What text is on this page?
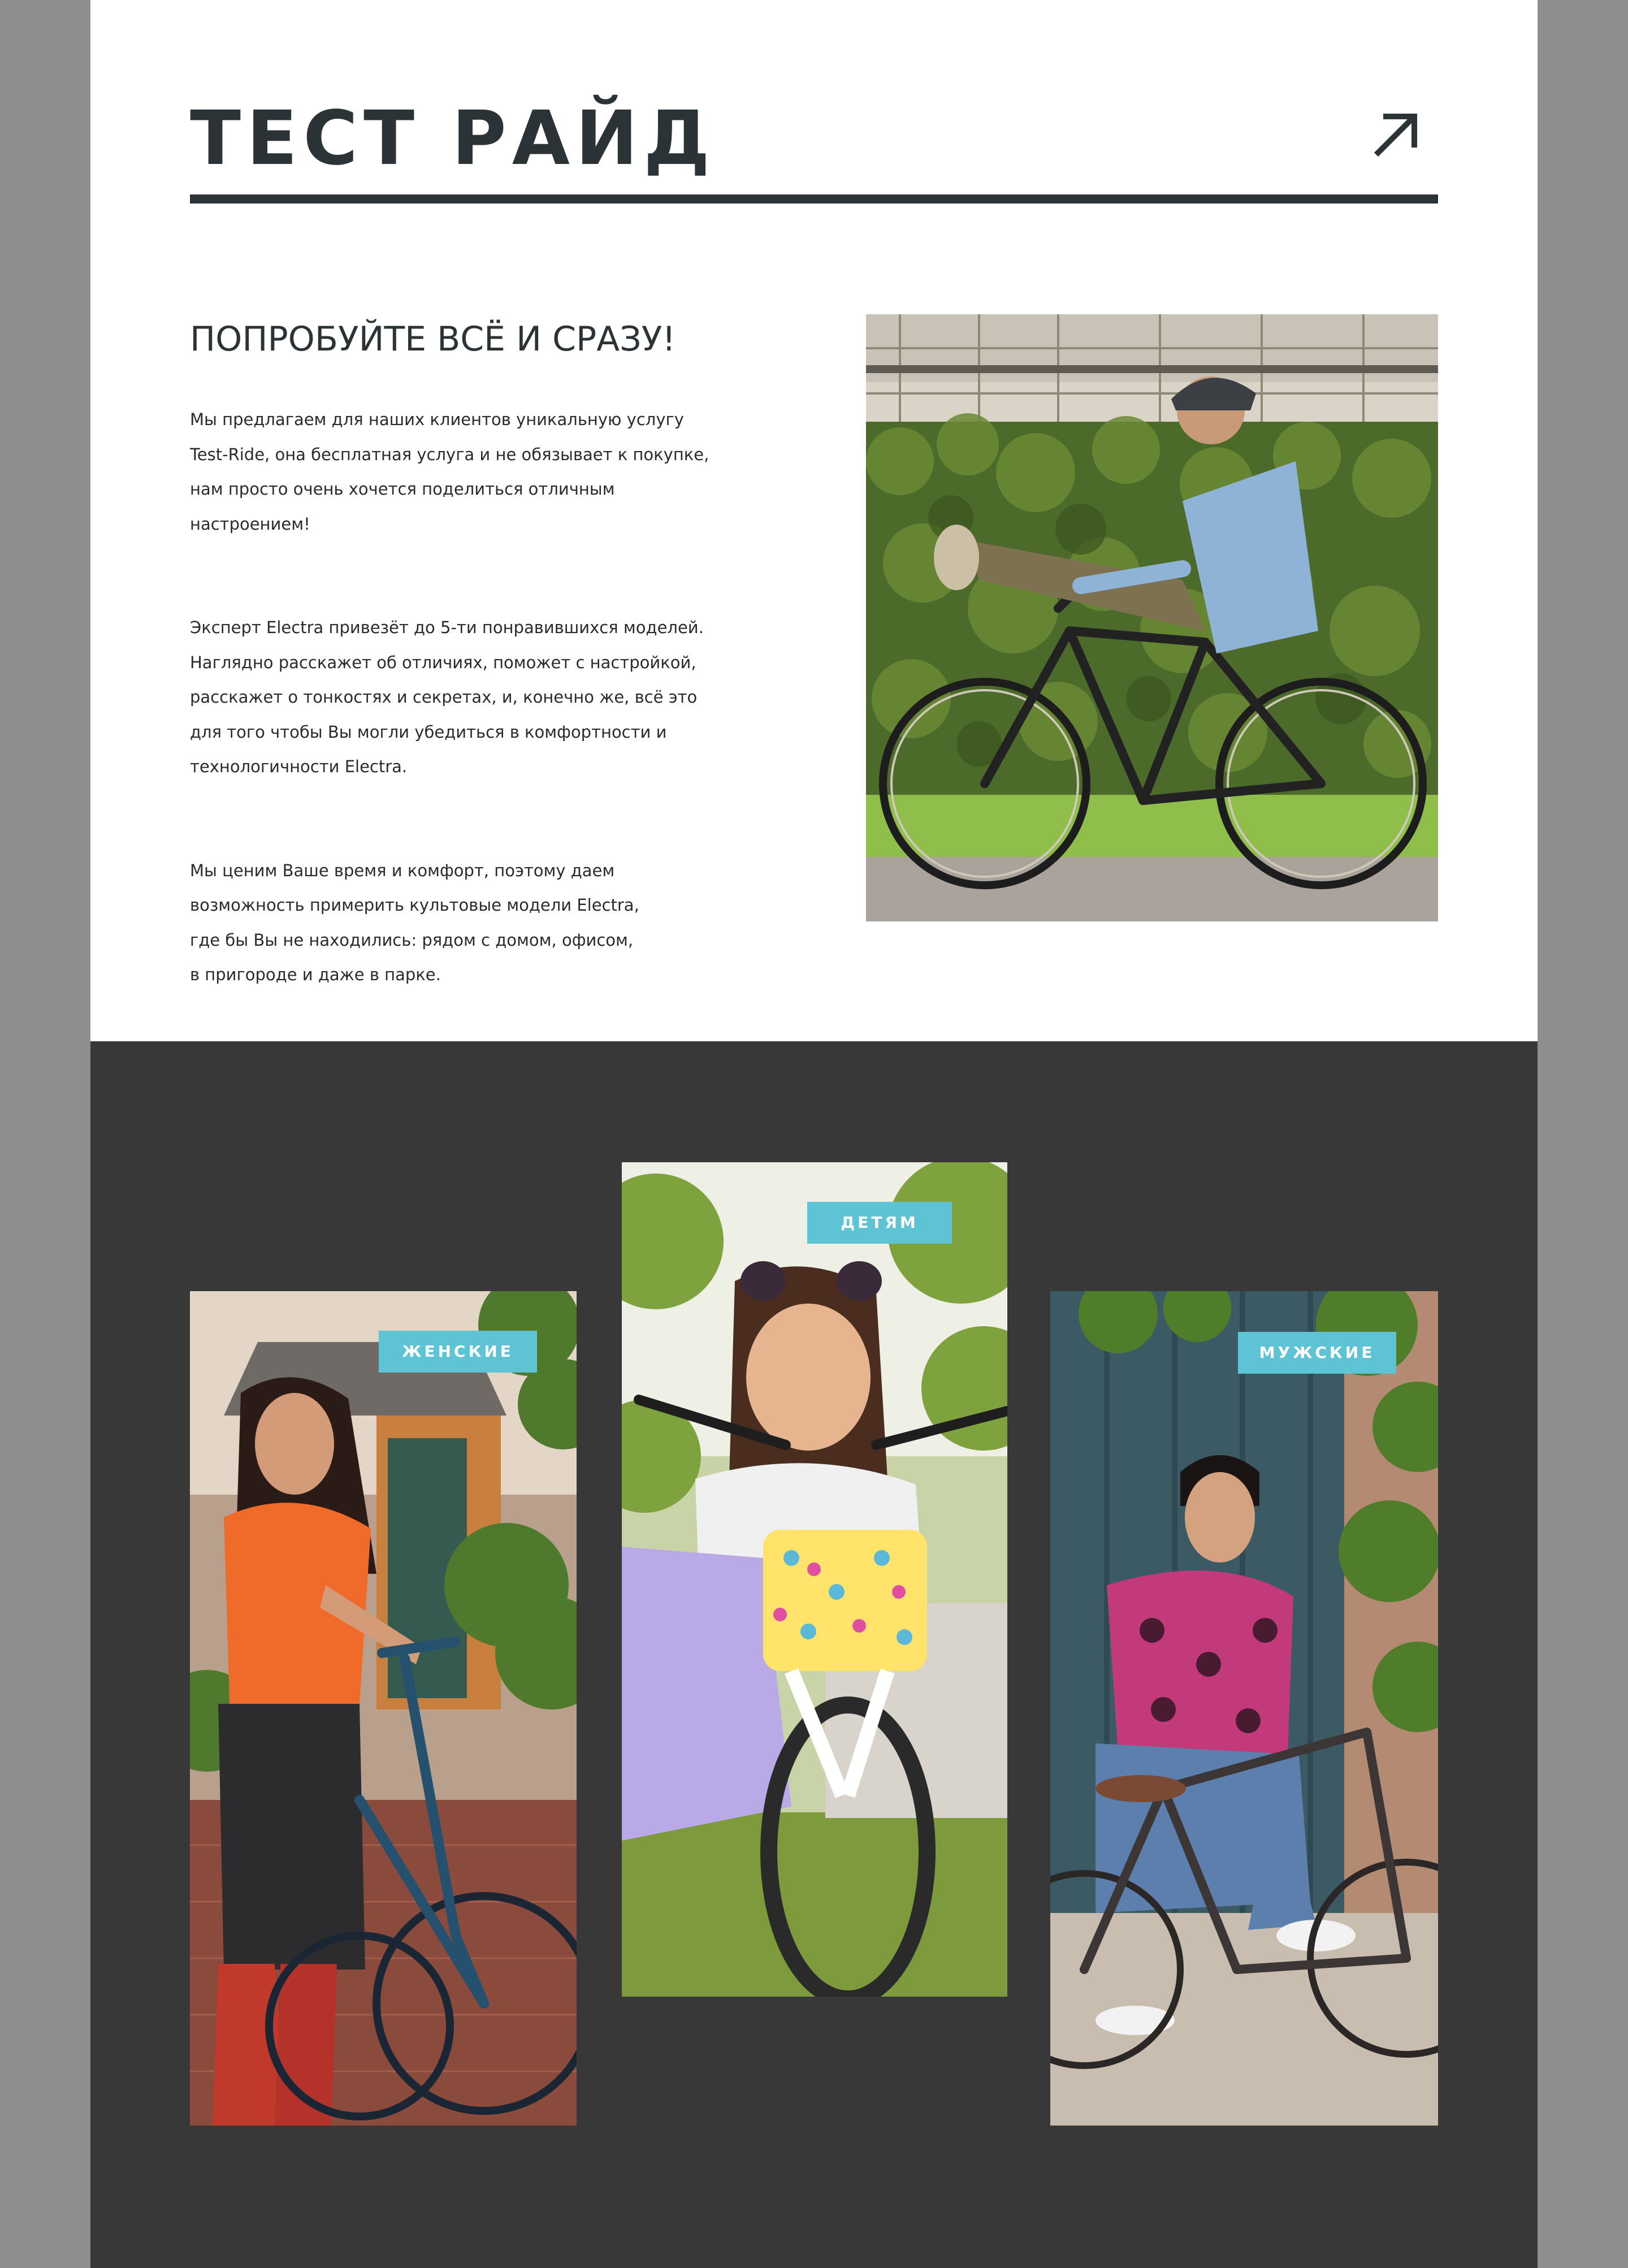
ТЕСТ РАЙД
ПОПРОБУЙТЕ ВСЁ И СРАЗУ!

Мы предлагаем для наших клиентов уникальную услугу
Test-Ride, она бесплатная услуга и не обязывает к покупке,
нам просто очень хочется поделиться отличным
настроением!

Эксперт Electra привезёт до 5-ти понравившихся моделей.
Наглядно расскажет об отличиях, поможет с настройкой,
расскажет о тонкостях и секретах, и, конечно же, всё это
для того чтобы Вы могли убедиться в комфортности и
технологичности Electra.

Мы ценим Ваше время и комфорт, поэтому даем
возможность примерить культовые модели Electra,
где бы Вы не находились: рядом с домом, офисом,
в пригороде и даже в парке.

ЖЕНСКИЕ
ДЕТЯМ
МУЖСКИЕ
